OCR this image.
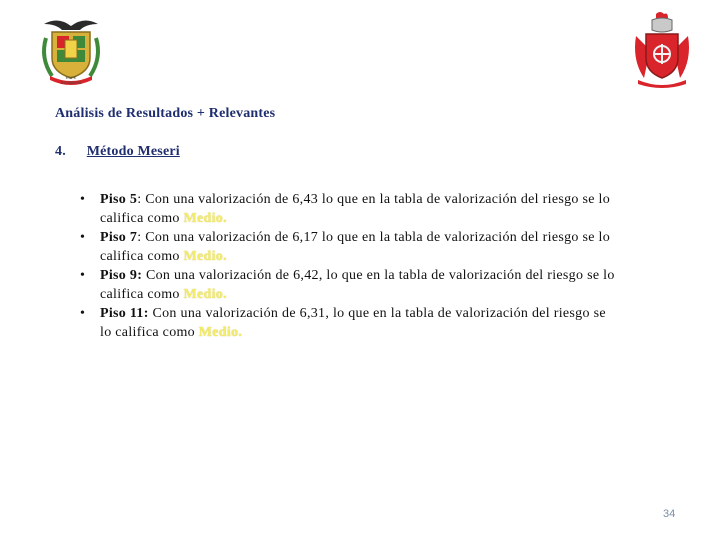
ESPE
ECUADOR
Análisis de Resultados + Relevantes
4. Método Meseri
• Piso 5: Con una valorización de 6,43 lo que en la tabla de valorización del riesgo se lo
califica como Medio.
• Piso 7: Con una valorización de 6,17 lo que en la tabla de valorización del riesgo se lo
califica como Medio.
• Piso 9: Con una valorización de 6,42, lo que en la tabla de valorización del riesgo se lo
califica como Medio.
• Piso 11: Con una valorización de 6,31, lo que en la tabla de valorización del riesgo se
lo califica como Medio.
34
